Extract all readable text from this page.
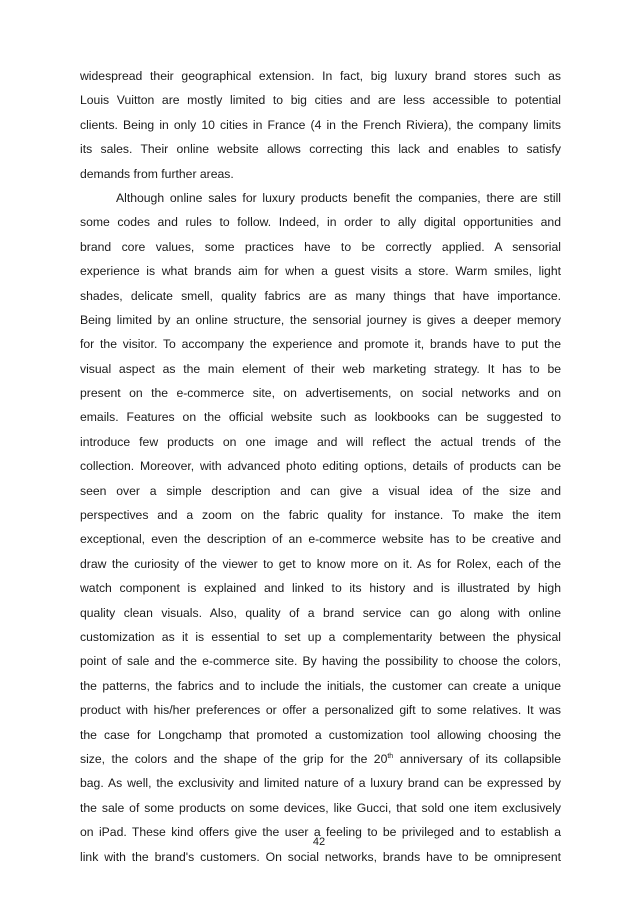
widespread their geographical extension. In fact, big luxury brand stores such as
Louis Vuitton are mostly limited to big cities and are less accessible to potential
clients. Being in only 10 cities in France (4 in the French Riviera), the company limits
its sales. Their online website allows correcting this lack and enables to satisfy
demands from further areas.
Although online sales for luxury products benefit the companies, there are still
some codes and rules to follow. Indeed, in order to ally digital opportunities and
brand core values, some practices have to be correctly applied. A sensorial
experience is what brands aim for when a guest visits a store. Warm smiles, light
shades, delicate smell, quality fabrics are as many things that have importance.
Being limited by an online structure, the sensorial journey is gives a deeper memory
for the visitor. To accompany the experience and promote it, brands have to put the
visual aspect as the main element of their web marketing strategy. It has to be
present on the e-commerce site, on advertisements, on social networks and on
emails. Features on the official website such as lookbooks can be suggested to
introduce few products on one image and will reflect the actual trends of the
collection. Moreover, with advanced photo editing options, details of products can be
seen over a simple description and can give a visual idea of the size and
perspectives and a zoom on the fabric quality for instance. To make the item
exceptional, even the description of an e-commerce website has to be creative and
draw the curiosity of the viewer to get to know more on it. As for Rolex, each of the
watch component is explained and linked to its history and is illustrated by high
quality clean visuals. Also, quality of a brand service can go along with online
customization as it is essential to set up a complementarity between the physical
point of sale and the e-commerce site. By having the possibility to choose the colors,
the patterns, the fabrics and to include the initials, the customer can create a unique
product with his/her preferences or offer a personalized gift to some relatives. It was
the case for Longchamp that promoted a customization tool allowing choosing the
size, the colors and the shape of the grip for the 20th anniversary of its collapsible
bag. As well, the exclusivity and limited nature of a luxury brand can be expressed by
the sale of some products on some devices, like Gucci, that sold one item exclusively
on iPad. These kind offers give the user a feeling to be privileged and to establish a
link with the brand's customers. On social networks, brands have to be omnipresent
42
